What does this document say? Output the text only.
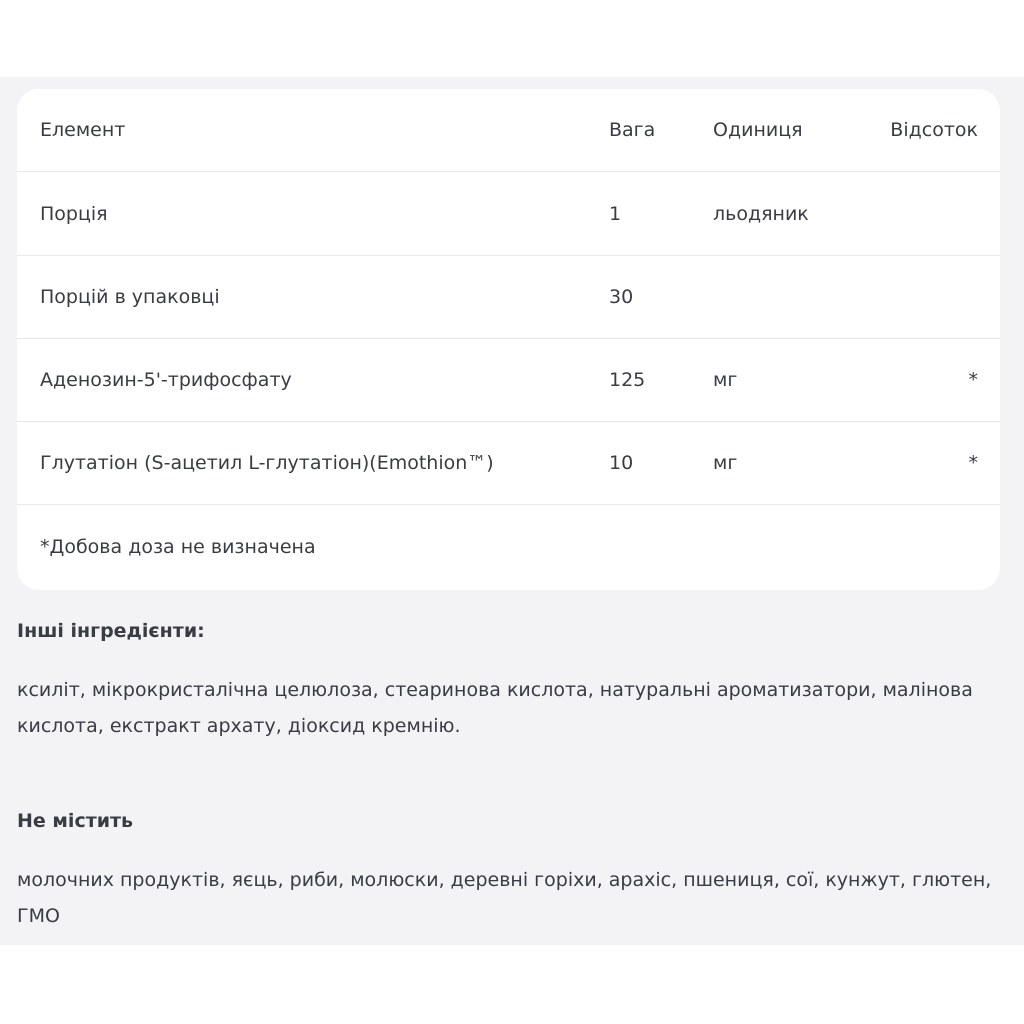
Елемент	Вага	Одиниця	Відсоток
Порція	1	льодяник
Порцій в упаковці	30
Аденозин-5'-трифосфату	125	мг	*
Глутатіон (S-ацетил L-глутатіон)(Emothion™)	10	мг	*
*Добова доза не визначена
Інші інгредієнти:
ксиліт, мікрокристалічна целюлоза, стеаринова кислота, натуральні ароматизатори, малінова кислота, екстракт архату, діоксид кремнію.
Не містить
молочних продуктів, яєць, риби, молюски, деревні горіхи, арахіс, пшениця, сої, кунжут, глютен, ГМО
